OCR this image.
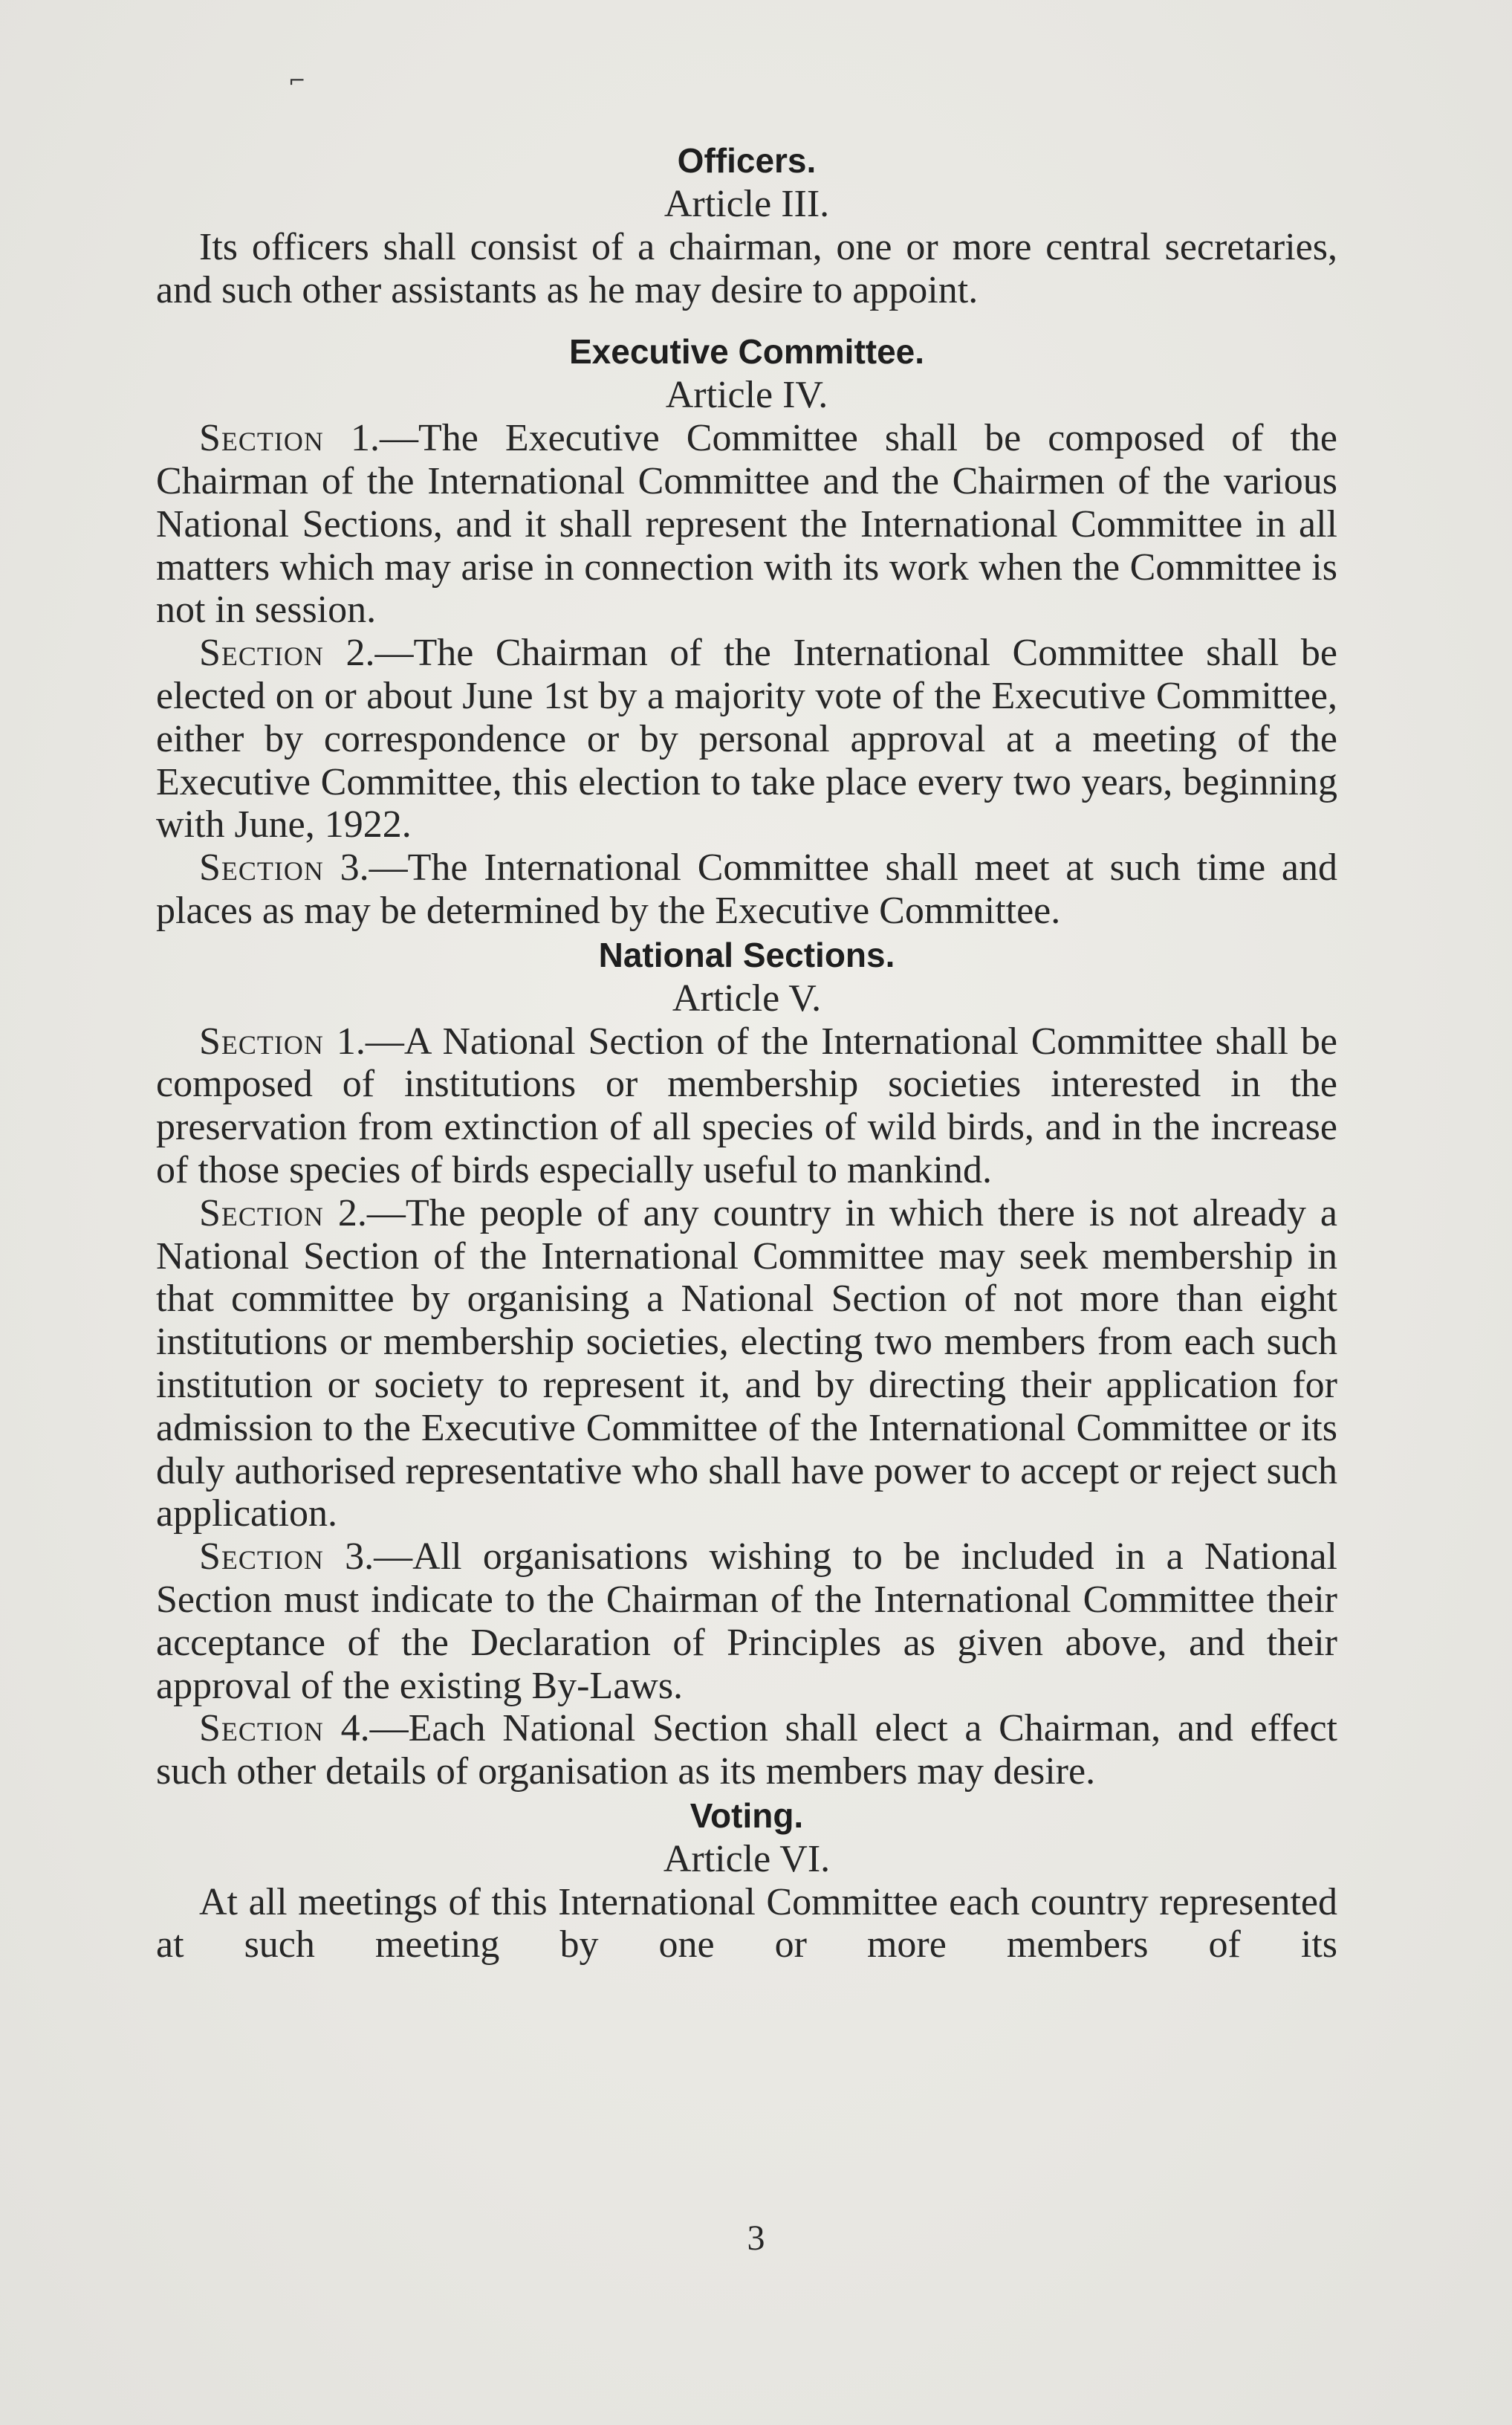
⌐
Officers.
Article III.

Its officers shall consist of a chairman, one or more central secretaries, and such other assistants as he may desire to appoint.

Executive Committee.
Article IV.

Section 1.—The Executive Committee shall be composed of the Chairman of the International Committee and the Chairmen of the various National Sections, and it shall represent the International Committee in all matters which may arise in connection with its work when the Committee is not in session.

Section 2.—The Chairman of the International Committee shall be elected on or about June 1st by a majority vote of the Executive Committee, either by correspondence or by personal approval at a meeting of the Executive Committee, this election to take place every two years, beginning with June, 1922.

Section 3.—The International Committee shall meet at such time and places as may be determined by the Executive Committee.

National Sections.
Article V.

Section 1.—A National Section of the International Committee shall be composed of institutions or membership societies interested in the preservation from extinction of all species of wild birds, and in the increase of those species of birds especially useful to mankind.

Section 2.—The people of any country in which there is not already a National Section of the International Committee may seek membership in that committee by organising a National Section of not more than eight institutions or membership societies, electing two members from each such institution or society to represent it, and by directing their application for admission to the Executive Committee of the International Committee or its duly authorised representative who shall have power to accept or reject such application.

Section 3.—All organisations wishing to be included in a National Section must indicate to the Chairman of the International Committee their acceptance of the Declaration of Principles as given above, and their approval of the existing By-Laws.

Section 4.—Each National Section shall elect a Chairman, and effect such other details of organisation as its members may desire.

Voting.
Article VI.

At all meetings of this International Committee each country represented at such meeting by one or more members of its

3
